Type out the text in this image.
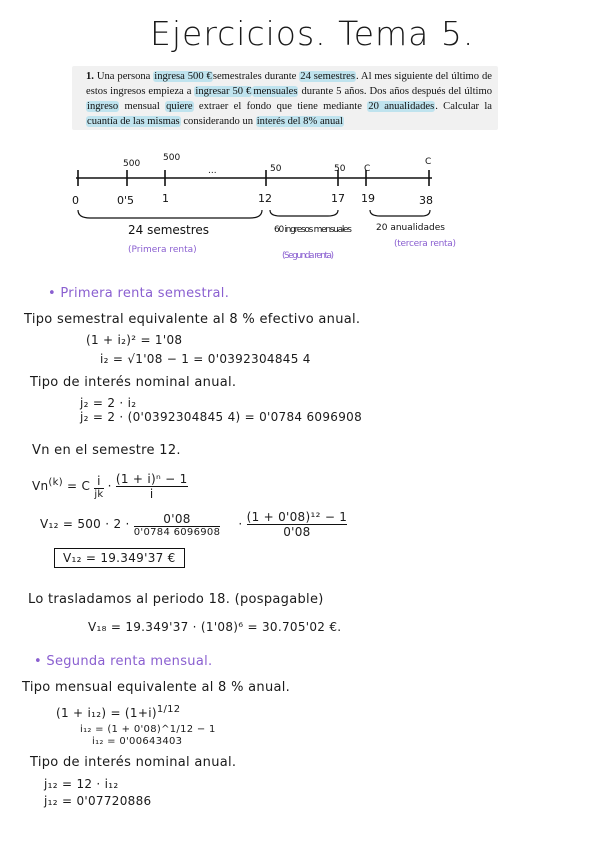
Ejercicios. Tema 5.
1. Una persona ingresa 500 €semestrales durante 24 semestres. Al mes siguiente del último de estos ingresos empieza a ingresar 50 € mensuales durante 5 años. Dos años después del último ingreso mensual quiere extraer el fondo que tiene mediante 20 anualidades. Calcular la cuantía de las mismas considerando un interés del 8% anual
0	0'5	1	12	17 19	38
500
500
...	50	50 C
C
24 semestres	60 ingresos mensuales	20 anualidades
(Primera renta)
(Segunda renta)
(tercera renta)
• Primera renta semestral.
Tipo semestral equivalente al 8 % efectivo anual.
(1 + i₂)² = 1'08
i₂ = √1'08 − 1 = 0'0392304845 4
Tipo de interés nominal anual.
j₂ = 2 · i₂
j₂ = 2 · (0'0392304845 4) = 0'0784 6096908
Vn en el semestre 12.
$Vn^{(k)} = C$ i
jk
· $\frac{\text{(1 + i)ⁿ − 1}}{i}$
V₁₂ = 500 · 2 ·	0'08
0'0784 6096908
· $\frac{\text{(1 + 0'08)¹² − 1}}{0'08}$
V₁₂ = 19.349'37 €
Lo trasladamos al periodo 18. (pospagable)
V₁₈ = 19.349'37 · (1'08)⁶ = 30.705'02 €.
• Segunda renta mensual.
Tipo mensual equivalente al 8 % anual.
$(1 + i_{12}) = (1+i)^{1/12}$
i₁₂ = (1 + 0'08)^1/12 − 1
i₁₂ = 0'00643403
Tipo de interés nominal anual.
j₁₂ = 12 · i₁₂
j₁₂ = 0'07720886
